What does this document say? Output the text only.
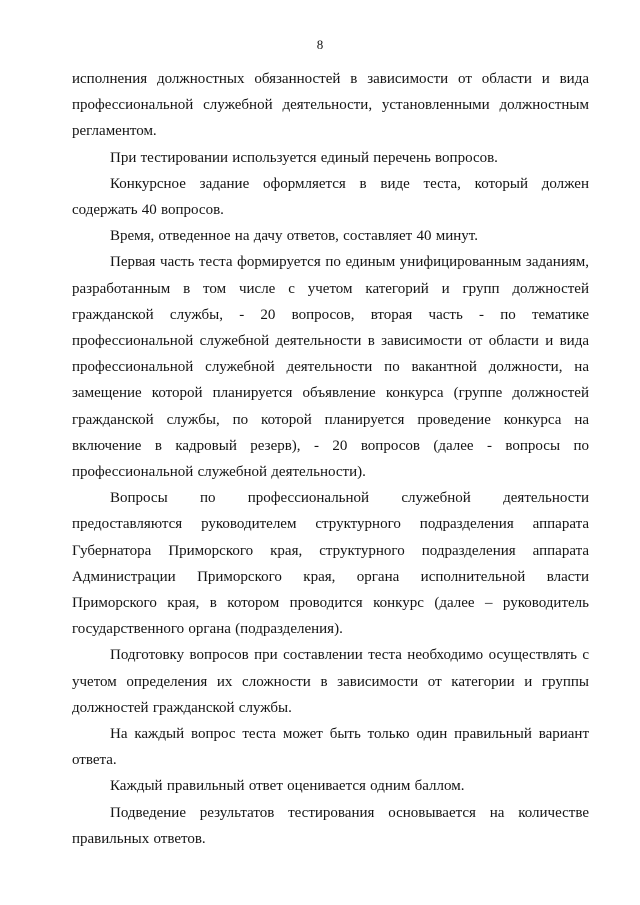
8

исполнения должностных обязанностей в зависимости от области и вида профессиональной служебной деятельности, установленными должностным регламентом.

При тестировании используется единый перечень вопросов.

Конкурсное задание оформляется в виде теста, который должен содержать 40 вопросов.

Время, отведенное на дачу ответов, составляет 40 минут.

Первая часть теста формируется по единым унифицированным заданиям, разработанным в том числе с учетом категорий и групп должностей гражданской службы, - 20 вопросов, вторая часть - по тематике профессиональной служебной деятельности в зависимости от области и вида профессиональной служебной деятельности по вакантной должности, на замещение которой планируется объявление конкурса (группе должностей гражданской службы, по которой планируется проведение конкурса на включение в кадровый резерв), - 20 вопросов (далее - вопросы по профессиональной служебной деятельности).

Вопросы по профессиональной служебной деятельности предоставляются руководителем структурного подразделения аппарата Губернатора Приморского края, структурного подразделения аппарата Администрации Приморского края, органа исполнительной власти Приморского края, в котором проводится конкурс (далее – руководитель государственного органа (подразделения).

Подготовку вопросов при составлении теста необходимо осуществлять с учетом определения их сложности в зависимости от категории и группы должностей гражданской службы.

На каждый вопрос теста может быть только один правильный вариант ответа.

Каждый правильный ответ оценивается одним баллом.

Подведение результатов тестирования основывается на количестве правильных ответов.
